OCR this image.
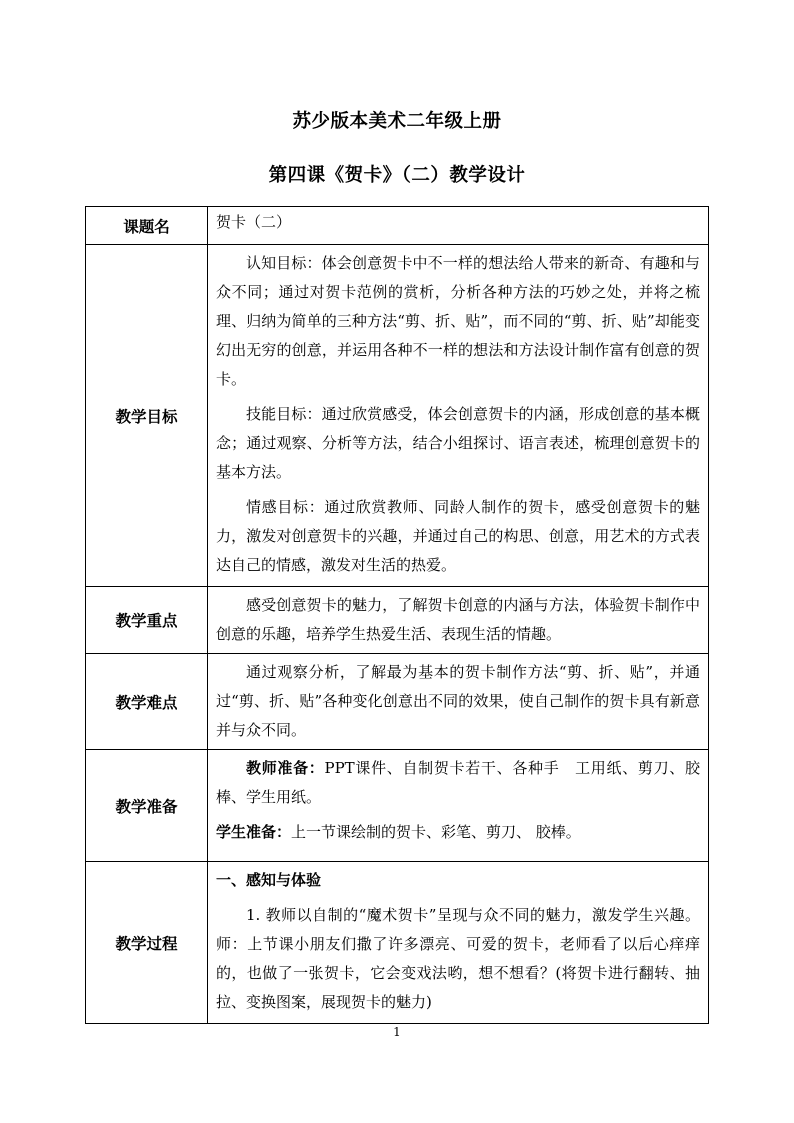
苏少版本美术二年级上册
第四课《贺卡》（二）教学设计
课题名	贺卡（二）
教学目标	认知目标：体会创意贺卡中不一样的想法给人带来的新奇、有趣和与众不同；通过对贺卡范例的赏析，分析各种方法的巧妙之处，并将之梳理、归纳为简单的三种方法“剪、折、贴”，而不同的“剪、折、贴”却能变幻出无穷的创意，并运用各种不一样的想法和方法设计制作富有创意的贺卡。

技能目标：通过欣赏感受，体会创意贺卡的内涵，形成创意的基本概念；通过观察、分析等方法，结合小组探讨、语言表述，梳理创意贺卡的基本方法。

情感目标：通过欣赏教师、同龄人制作的贺卡，感受创意贺卡的魅力，激发对创意贺卡的兴趣，并通过自己的构思、创意，用艺术的方式表达自己的情感，激发对生活的热爱。

教学重点	感受创意贺卡的魅力，了解贺卡创意的内涵与方法，体验贺卡制作中创意的乐趣，培养学生热爱生活、表现生活的情趣。

教学难点	通过观察分析，了解最为基本的贺卡制作方法“剪、折、贴”，并通过“剪、折、贴”各种变化创意出不同的效果，使自己制作的贺卡具有新意并与众不同。

教学准备	教师准备：PPT课件、自制贺卡若干、各种手　工用纸、剪刀、胶棒、学生用纸。

学生准备：上一节课绘制的贺卡、彩笔、剪刀、 胶棒。

教学过程	一、感知与体验

1. 教师以自制的“魔术贺卡”呈现与众不同的魅力，激发学生兴趣。师：上节课小朋友们撒了许多漂亮、可爱的贺卡，老师看了以后心痒痒的，也做了一张贺卡，它会变戏法哟，想不想看？(将贺卡进行翻转、抽拉、变换图案，展现贺卡的魅力)

1
